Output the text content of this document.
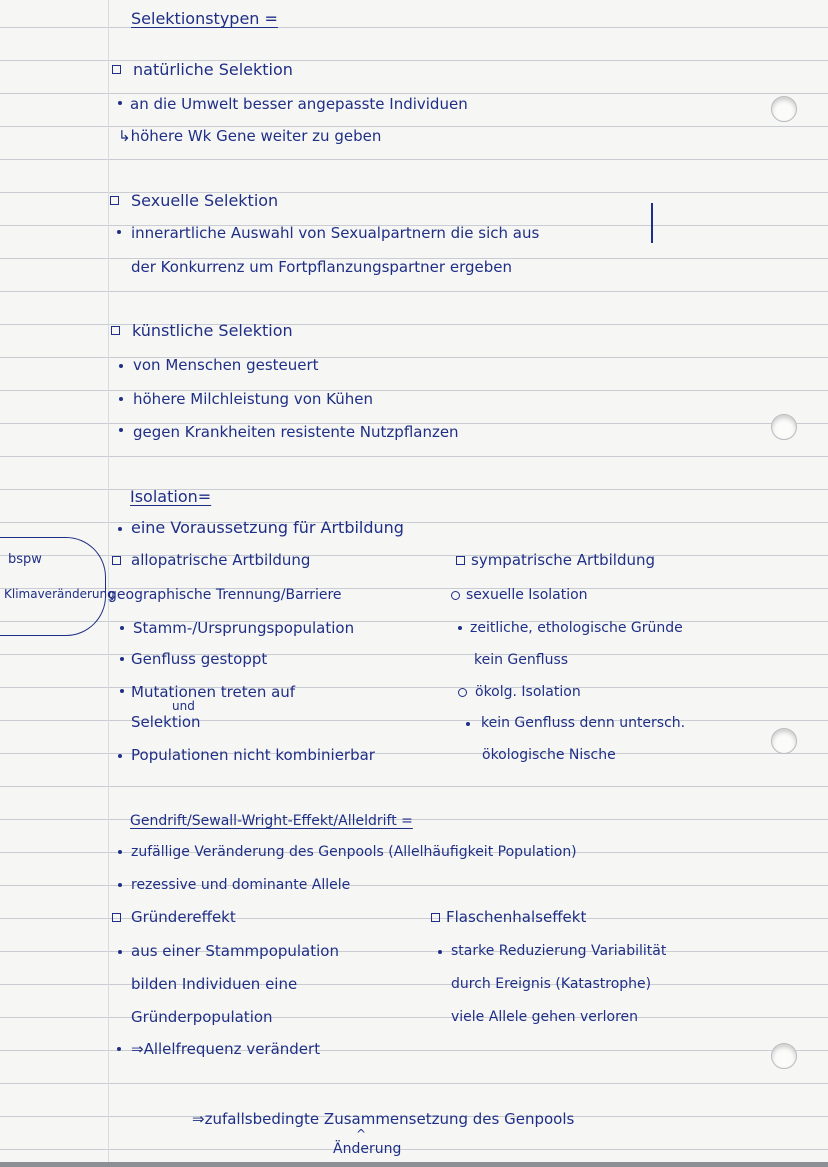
Selektionstypen =
natürliche Selektion
an die Umwelt besser angepasste Individuen
↳höhere Wk Gene weiter zu geben
Sexuelle Selektion
innerartliche Auswahl von Sexualpartnern die sich aus
der Konkurrenz um Fortpflanzungspartner ergeben
künstliche Selektion
von Menschen gesteuert
höhere Milchleistung von Kühen
gegen Krankheiten resistente Nutzpflanzen
Isolation=
eine Voraussetzung für Artbildung
bspw
Klimaveränderung
allopatrische Artbildung
geographische Trennung/Barriere
Stamm-/Ursprungspopulation
Genfluss gestoppt
Mutationen treten auf
und
Selektion
Populationen nicht kombinierbar
sympatrische Artbildung
sexuelle Isolation
zeitliche, ethologische Gründe
kein Genfluss
ökolg. Isolation
kein Genfluss denn untersch.
ökologische Nische
Gendrift/Sewall-Wright-Effekt/Alleldrift =
zufällige Veränderung des Genpools (Allelhäufigkeit Population)
rezessive und dominante Allele
Gründereffekt
aus einer Stammpopulation
bilden Individuen eine
Gründerpopulation
⇒Allelfrequenz verändert
Flaschenhalseffekt
starke Reduzierung Variabilität
durch Ereignis (Katastrophe)
viele Allele gehen verloren
⇒zufallsbedingte Zusammensetzung des Genpools
^
Änderung
